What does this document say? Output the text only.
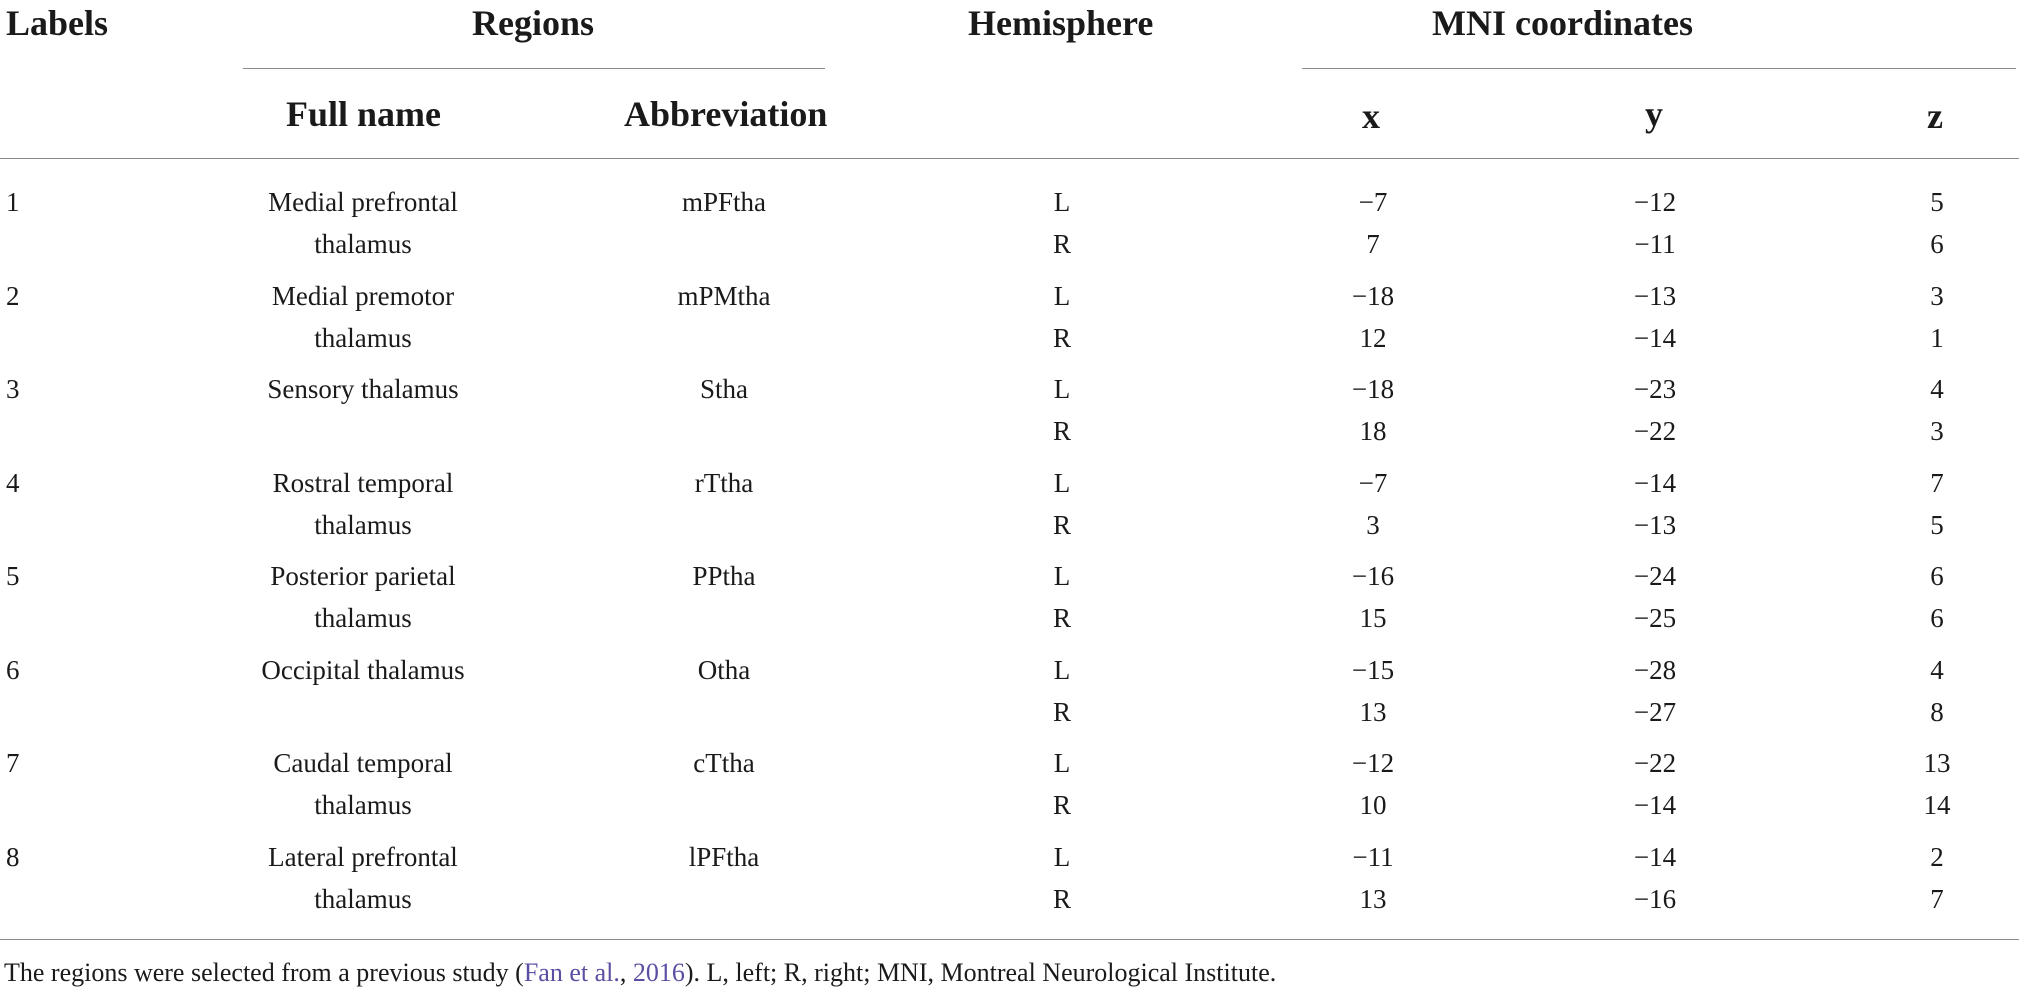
Labels	Regions	Hemisphere	MNI coordinates
Full name	Abbreviation	x	y	z
1	Medial prefrontal
thalamus
mPFtha	L	−7	−12	5
R	7	−11	6
2	Medial premotor
thalamus
mPMtha	L	−18	−13	3
R	12	−14	1
3	Sensory thalamus	Stha	L	−18	−23	4
R	18	−22	3
4	Rostral temporal
thalamus
rTtha	L	−7	−14	7
R	3	−13	5
5	Posterior parietal
thalamus
PPtha	L	−16	−24	6
R	15	−25	6
6	Occipital thalamus	Otha	L	−15	−28	4
R	13	−27	8
7	Caudal temporal
thalamus
cTtha	L	−12	−22	13
R	10	−14	14
8	Lateral prefrontal
thalamus
lPFtha	L	−11	−14	2
R	13	−16	7
The regions were selected from a previous study (Fan et al., 2016). L, left; R, right; MNI, Montreal Neurological Institute.
